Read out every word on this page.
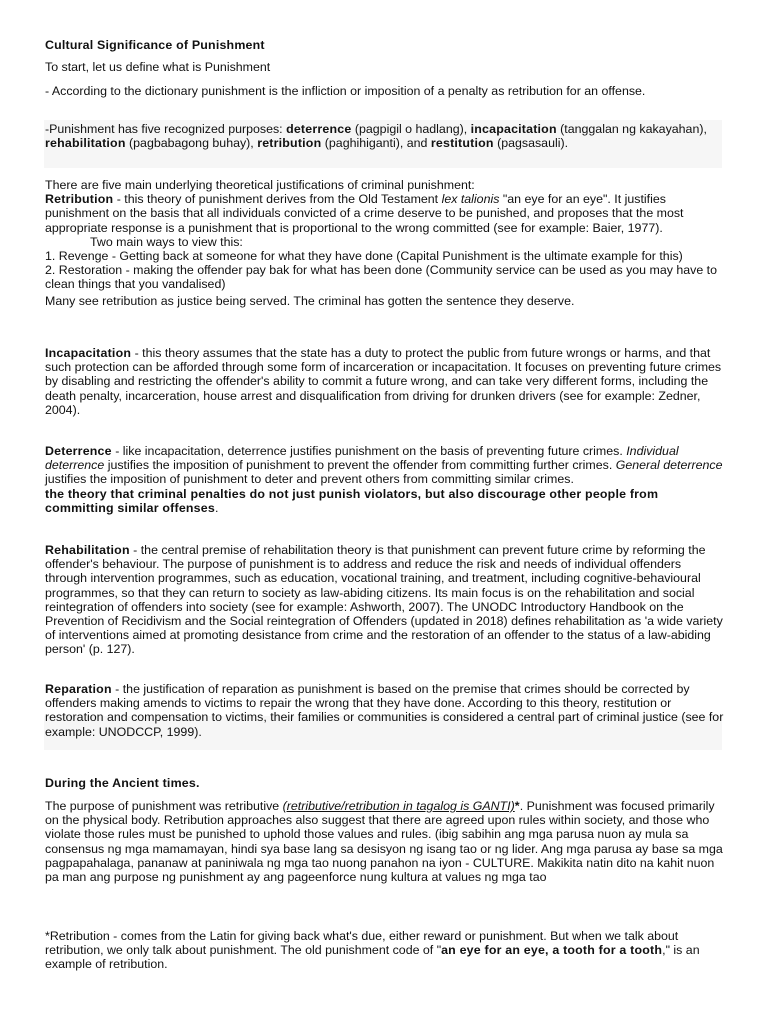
Cultural Significance of Punishment

To start, let us define what is Punishment

- According to the dictionary punishment is the infliction or imposition of a penalty as retribution for an offense.

-Punishment has five recognized purposes: deterrence (pagpigil o hadlang), incapacitation (tanggalan ng kakayahan), rehabilitation (pagbabagong buhay), retribution (paghihiganti), and restitution (pagsasauli).

There are five main underlying theoretical justifications of criminal punishment:
Retribution - this theory of punishment derives from the Old Testament lex talionis "an eye for an eye". It justifies punishment on the basis that all individuals convicted of a crime deserve to be punished, and proposes that the most appropriate response is a punishment that is proportional to the wrong committed (see for example: Baier, 1977).
Two main ways to view this:
1. Revenge - Getting back at someone for what they have done (Capital Punishment is the ultimate example for this)
2. Restoration - making the offender pay bak for what has been done (Community service can be used as you may have to clean things that you vandalised)
Many see retribution as justice being served. The criminal has gotten the sentence they deserve.

Incapacitation - this theory assumes that the state has a duty to protect the public from future wrongs or harms, and that such protection can be afforded through some form of incarceration or incapacitation. It focuses on preventing future crimes by disabling and restricting the offender's ability to commit a future wrong, and can take very different forms, including the death penalty, incarceration, house arrest and disqualification from driving for drunken drivers (see for example: Zedner, 2004).

Deterrence - like incapacitation, deterrence justifies punishment on the basis of preventing future crimes. Individual deterrence justifies the imposition of punishment to prevent the offender from committing further crimes. General deterrence justifies the imposition of punishment to deter and prevent others from committing similar crimes.
the theory that criminal penalties do not just punish violators, but also discourage other people from committing similar offenses.

Rehabilitation - the central premise of rehabilitation theory is that punishment can prevent future crime by reforming the offender's behaviour. The purpose of punishment is to address and reduce the risk and needs of individual offenders through intervention programmes, such as education, vocational training, and treatment, including cognitive-behavioural programmes, so that they can return to society as law-abiding citizens. Its main focus is on the rehabilitation and social reintegration of offenders into society (see for example: Ashworth, 2007). The UNODC Introductory Handbook on the Prevention of Recidivism and the Social reintegration of Offenders (updated in 2018) defines rehabilitation as 'a wide variety of interventions aimed at promoting desistance from crime and the restoration of an offender to the status of a law-abiding person' (p. 127).

Reparation - the justification of reparation as punishment is based on the premise that crimes should be corrected by offenders making amends to victims to repair the wrong that they have done. According to this theory, restitution or restoration and compensation to victims, their families or communities is considered a central part of criminal justice (see for example: UNODCCP, 1999).

During the Ancient times.

The purpose of punishment was retributive (retributive/retribution in tagalog is GANTI)*. Punishment was focused primarily on the physical body. Retribution approaches also suggest that there are agreed upon rules within society, and those who violate those rules must be punished to uphold those values and rules. (ibig sabihin ang mga parusa nuon ay mula sa consensus ng mga mamamayan, hindi sya base lang sa desisyon ng isang tao or ng lider. Ang mga parusa ay base sa mga pagpapahalaga, pananaw at paniniwala ng mga tao nuong panahon na iyon - CULTURE. Makikita natin dito na kahit nuon pa man ang purpose ng punishment ay ang pageenforce nung kultura at values ng mga tao

*Retribution - comes from the Latin for giving back what's due, either reward or punishment. But when we talk about retribution, we only talk about punishment. The old punishment code of "an eye for an eye, a tooth for a tooth," is an example of retribution.
